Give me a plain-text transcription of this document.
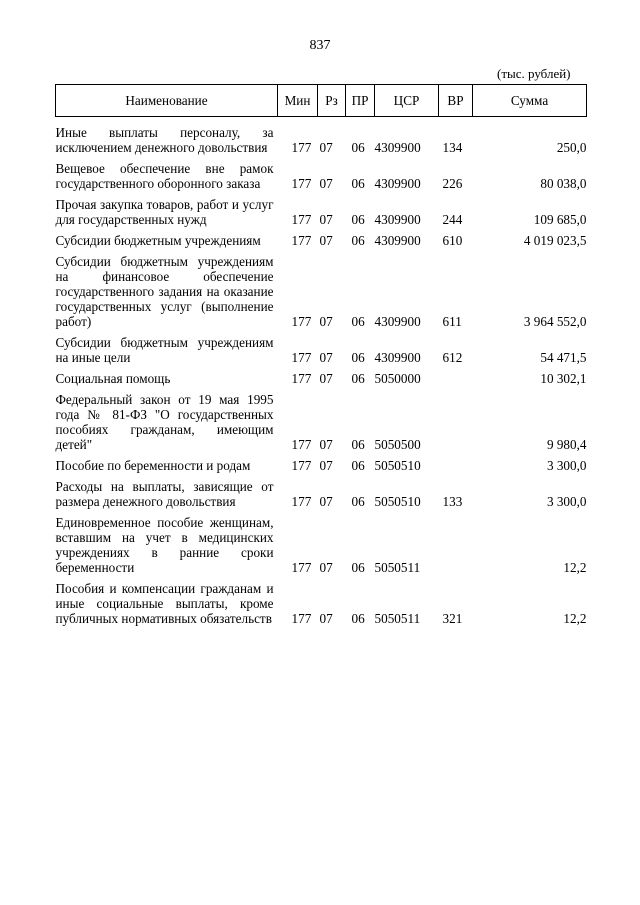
837
(тыс. рублей)
Наименование	Мин	Рз	ПР	ЦСР	ВР	Сумма
Иные выплаты персоналу, за исключением денежного довольствия	177	07	06	4309900	134	250,0
Вещевое обеспечение вне рамок государственного оборонного заказа	177	07	06	4309900	226	80 038,0
Прочая закупка товаров, работ и услуг для государственных нужд	177	07	06	4309900	244	109 685,0
Субсидии бюджетным учреждениям	177	07	06	4309900	610	4 019 023,5
Субсидии бюджетным учреждениям на финансовое обеспечение государственного задания на оказание государственных услуг (выполнение работ)	177	07	06	4309900	611	3 964 552,0
Субсидии бюджетным учреждениям на иные цели	177	07	06	4309900	612	54 471,5
Социальная помощь	177	07	06	5050000		10 302,1
Федеральный закон от 19 мая 1995 года № 81-ФЗ "О государственных пособиях гражданам, имеющим детей"	177	07	06	5050500		9 980,4
Пособие по беременности и родам	177	07	06	5050510		3 300,0
Расходы на выплаты, зависящие от размера денежного довольствия	177	07	06	5050510	133	3 300,0
Единовременное пособие женщинам, вставшим на учет в медицинских учреждениях в ранние сроки беременности	177	07	06	5050511		12,2
Пособия и компенсации гражданам и иные социальные выплаты, кроме публичных нормативных обязательств	177	07	06	5050511	321	12,2
